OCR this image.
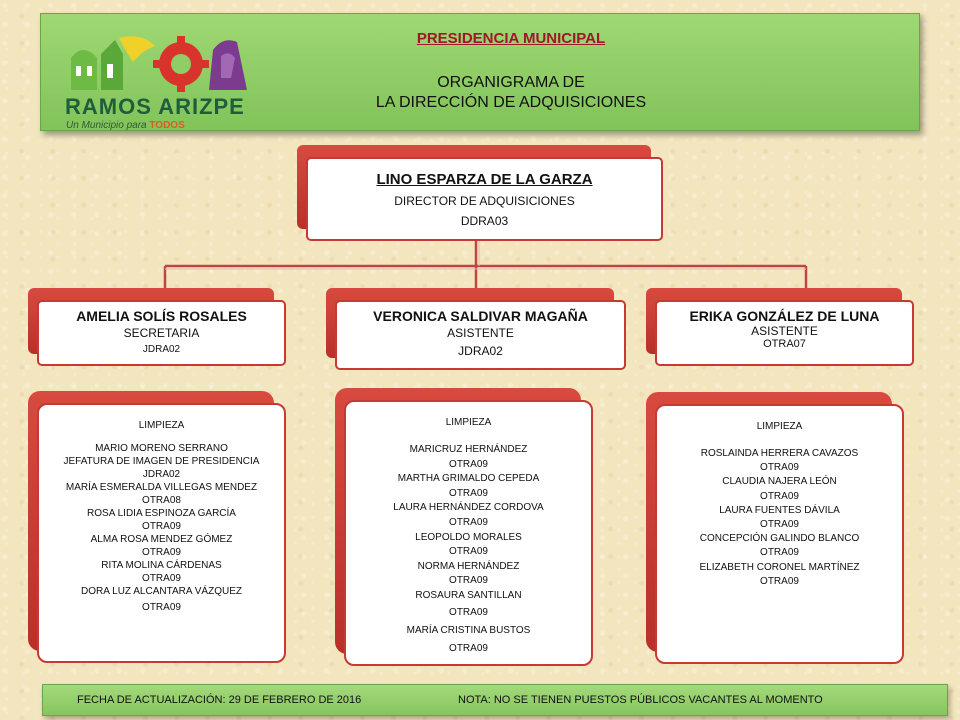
RAMOS ARIZPE
Un Municipio para TODOS
PRESIDENCIA MUNICIPAL
ORGANIGRAMA DE
LA DIRECCIÓN DE ADQUISICIONES
LINO ESPARZA DE LA GARZA
DIRECTOR DE ADQUISICIONES
DDRA03
AMELIA SOLÍS ROSALES
SECRETARIA
JDRA02
VERONICA SALDIVAR MAGAÑA
ASISTENTE
JDRA02
ERIKA GONZÁLEZ DE LUNA
ASISTENTE
OTRA07
LIMPIEZA
MARIO MORENO SERRANO
JEFATURA DE IMAGEN DE PRESIDENCIA
JDRA02
MARÍA ESMERALDA VILLEGAS MENDEZ
OTRA08
ROSA LIDIA ESPINOZA GARCÍA
OTRA09
ALMA ROSA MENDEZ GÓMEZ
OTRA09
RITA MOLINA CÁRDENAS
OTRA09
DORA LUZ ALCANTARA VÁZQUEZ
OTRA09
LIMPIEZA
MARICRUZ HERNÁNDEZ
OTRA09
MARTHA GRIMALDO CEPEDA
OTRA09
LAURA HERNÁNDEZ CORDOVA
OTRA09
LEOPOLDO MORALES
OTRA09
NORMA HERNÁNDEZ
OTRA09
ROSAURA SANTILLAN
OTRA09
MARÍA CRISTINA BUSTOS
OTRA09
LIMPIEZA
ROSLAINDA HERRERA CAVAZOS
OTRA09
CLAUDIA NAJERA LEÓN
OTRA09
LAURA FUENTES DÁVILA
OTRA09
CONCEPCIÓN GALINDO BLANCO
OTRA09
ELIZABETH CORONEL MARTÍNEZ
OTRA09
FECHA DE ACTUALIZACIÓN: 29 DE FEBRERO DE 2016	NOTA: NO SE TIENEN PUESTOS PÚBLICOS VACANTES AL MOMENTO
